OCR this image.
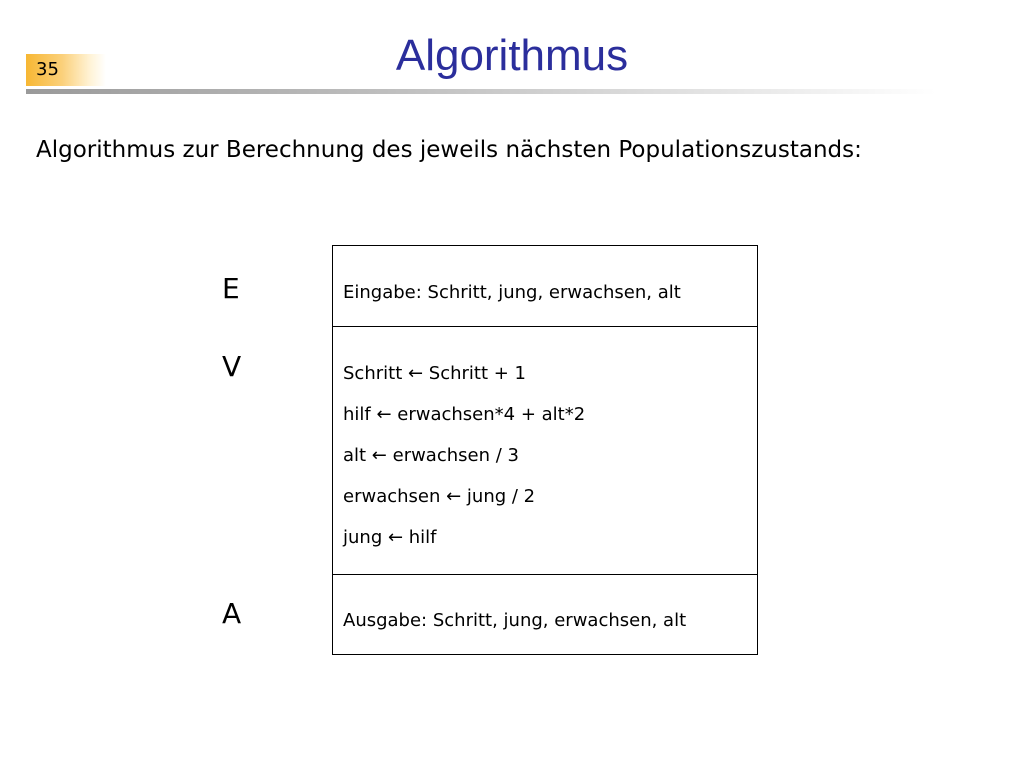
35	Algorithmus
Algorithmus zur Berechnung des jeweils nächsten Populationszustands:
E
V
A
Eingabe: Schritt, jung, erwachsen, alt
Schritt ← Schritt + 1
hilf ← erwachsen*4 + alt*2
alt ← erwachsen / 3
erwachsen ← jung / 2
jung ← hilf
Ausgabe: Schritt, jung, erwachsen, alt
